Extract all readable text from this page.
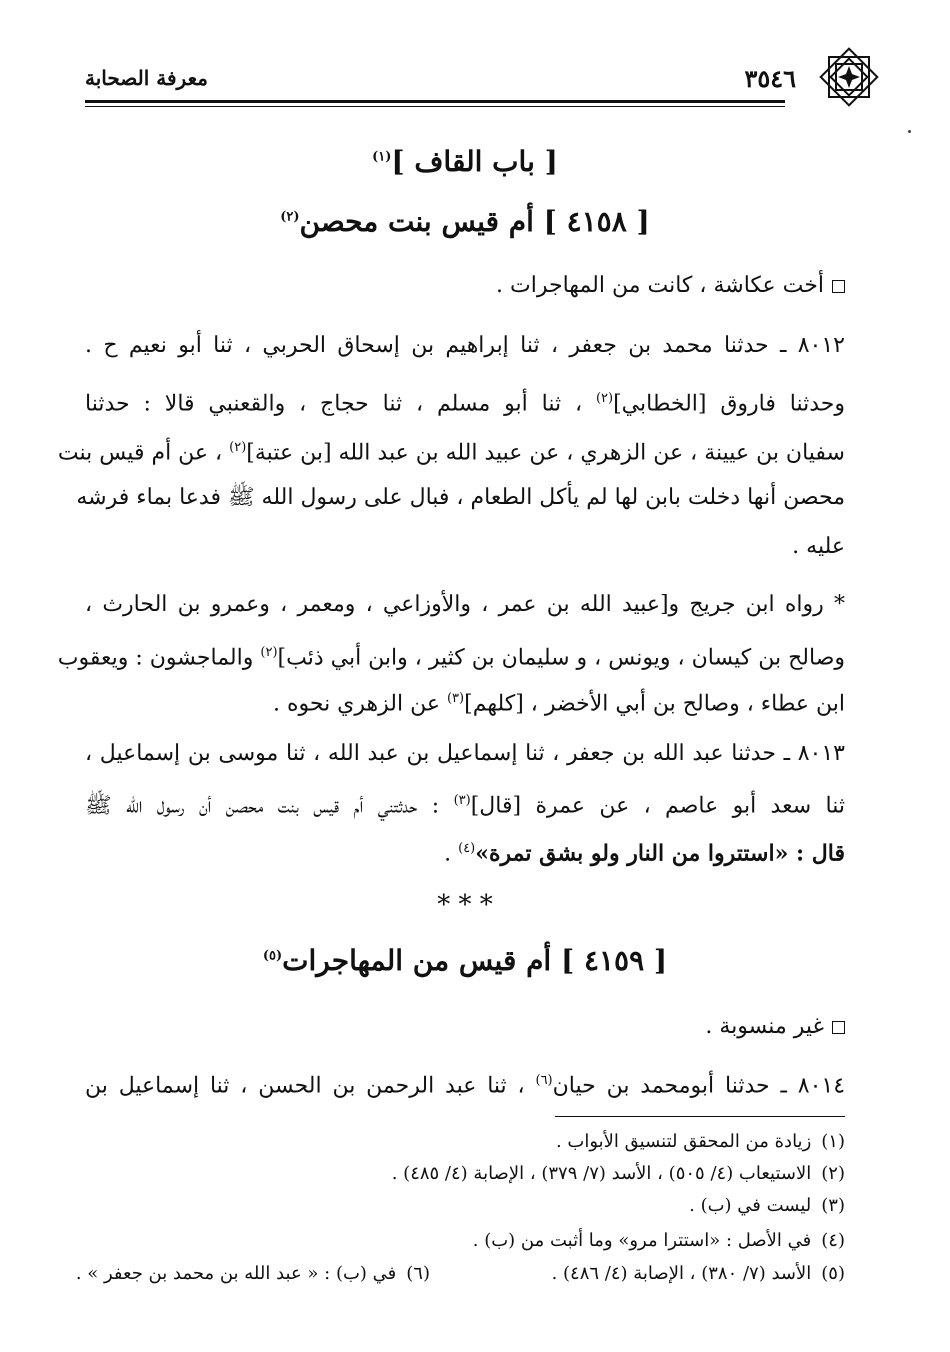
معرفة الصحابة	٣٥٤٦
[ باب القاف ]$^{(١)}$
[ ٤١٥٨ ] أم قيس بنت محصن$^{(٢)}$
أخت عكاشة ، كانت من المهاجرات .
٨٠١٢ ـ حدثنا محمد بن جعفر ، ثنا إبراهيم بن إسحاق الحربي ، ثنا أبو نعيم ح .
وحدثنا فاروق [الخطابي]$^{(٢)}$ ، ثنا أبو مسلم ، ثنا حجاج ، والقعنبي قالا : حدثنا
سفيان بن عيينة ، عن الزهري ، عن عبيد الله بن عبد الله [بن عتبة]$^{(٢)}$ ، عن أم قيس بنت
محصن أنها دخلت بابن لها لم يأكل الطعام ، فبال على رسول الله ﷺ فدعا بماء فرشه
عليه .
* رواه ابن جريج و[عبيد الله بن عمر ، والأوزاعي ، ومعمر ، وعمرو بن الحارث ،
وصالح بن كيسان ، ويونس ، و سليمان بن كثير ، وابن أبي ذئب]$^{(٢)}$ والماجشون : ويعقوب
ابن عطاء ، وصالح بن أبي الأخضر ، [كلهم]$^{(٣)}$ عن الزهري نحوه .
٨٠١٣ ـ حدثنا عبد الله بن جعفر ، ثنا إسماعيل بن عبد الله ، ثنا موسى بن إسماعيل ،
ثنا سعد أبو عاصم ، عن عمرة [قال]$^{(٣)}$ : حدثتني أم قيس بنت محصن أن رسول الله ﷺ
قال : «استتروا من النار ولو بشق تمرة»$^{(٤)}$ .
* * *
[ ٤١٥٩ ] أم قيس من المهاجرات$^{(٥)}$
غير منسوبة .
٨٠١٤ ـ حدثنا أبومحمد بن حيان$^{(٦)}$ ، ثنا عبد الرحمن بن الحسن ، ثنا إسماعيل بن
(١)زيادة من المحقق لتنسيق الأبواب .
(٢)الاستيعاب (٤/ ٥٠٥) ، الأسد (٧/ ٣٧٩) ، الإصابة (٤/ ٤٨٥) .
(٣)ليست في (ب) .
(٤)في الأصل : «استترا مرو» وما أثبت من (ب) .
(٥)الأسد (٧/ ٣٨٠) ، الإصابة (٤/ ٤٨٦) .
(٦)في (ب) : « عبد الله بن محمد بن جعفر » .
